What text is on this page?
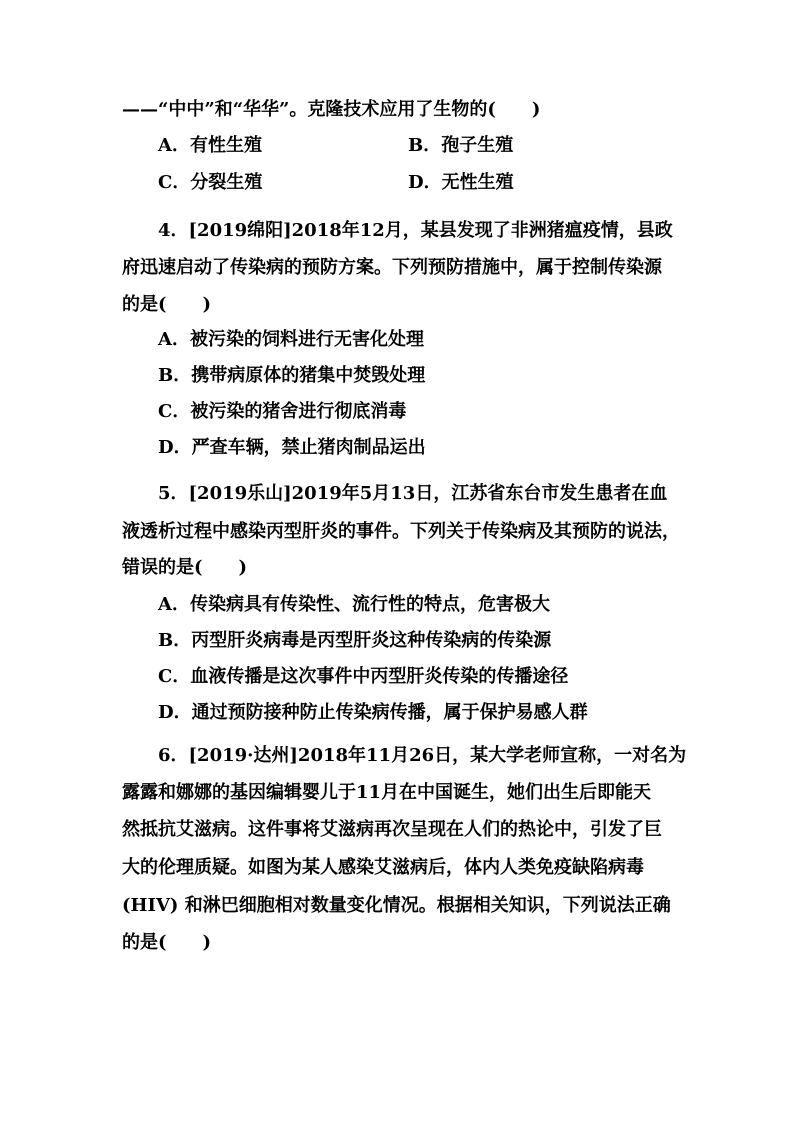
——“中中”和“华华”。克隆技术应用了生物的(　　)
A．有性生殖	B．孢子生殖
C．分裂生殖	D．无性生殖
4．[2019绵阳]2018年12月，某县发现了非洲猪瘟疫情，县政
府迅速启动了传染病的预防方案。下列预防措施中，属于控制传染源
的是(　　)
A．被污染的饲料进行无害化处理
B．携带病原体的猪集中焚毁处理
C．被污染的猪舍进行彻底消毒
D．严查车辆，禁止猪肉制品运出
5．[2019乐山]2019年5月13日，江苏省东台市发生患者在血
液透析过程中感染丙型肝炎的事件。下列关于传染病及其预防的说法，
错误的是(　　)
A．传染病具有传染性、流行性的特点，危害极大
B．丙型肝炎病毒是丙型肝炎这种传染病的传染源
C．血液传播是这次事件中丙型肝炎传染的传播途径
D．通过预防接种防止传染病传播，属于保护易感人群
6．[2019·达州]2018年11月26日，某大学老师宣称，一对名为
露露和娜娜的基因编辑婴儿于11月在中国诞生，她们出生后即能天
然抵抗艾滋病。这件事将艾滋病再次呈现在人们的热论中，引发了巨
大的伦理质疑。如图为某人感染艾滋病后，体内人类免疫缺陷病毒
(HIV) 和淋巴细胞相对数量变化情况。根据相关知识，下列说法正确
的是(　　)
